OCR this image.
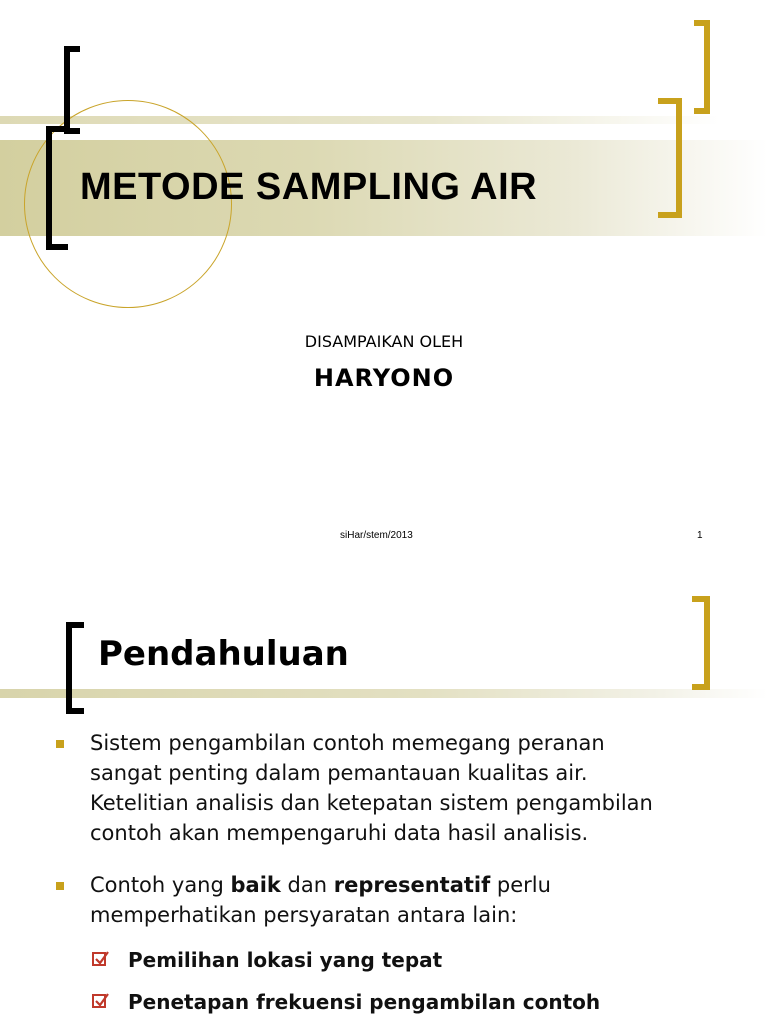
METODE SAMPLING AIR
DISAMPAIKAN OLEH
HARYONO
siHar/stem/2013	1
Pendahuluan
Sistem pengambilan contoh memegang peranan
sangat penting dalam pemantauan kualitas air.
Ketelitian analisis dan ketepatan sistem pengambilan
contoh akan mempengaruhi data hasil analisis.
Contoh yang baik dan representatif perlu
memperhatikan persyaratan antara lain:
Pemilihan lokasi yang tepat
Penetapan frekuensi pengambilan contoh
